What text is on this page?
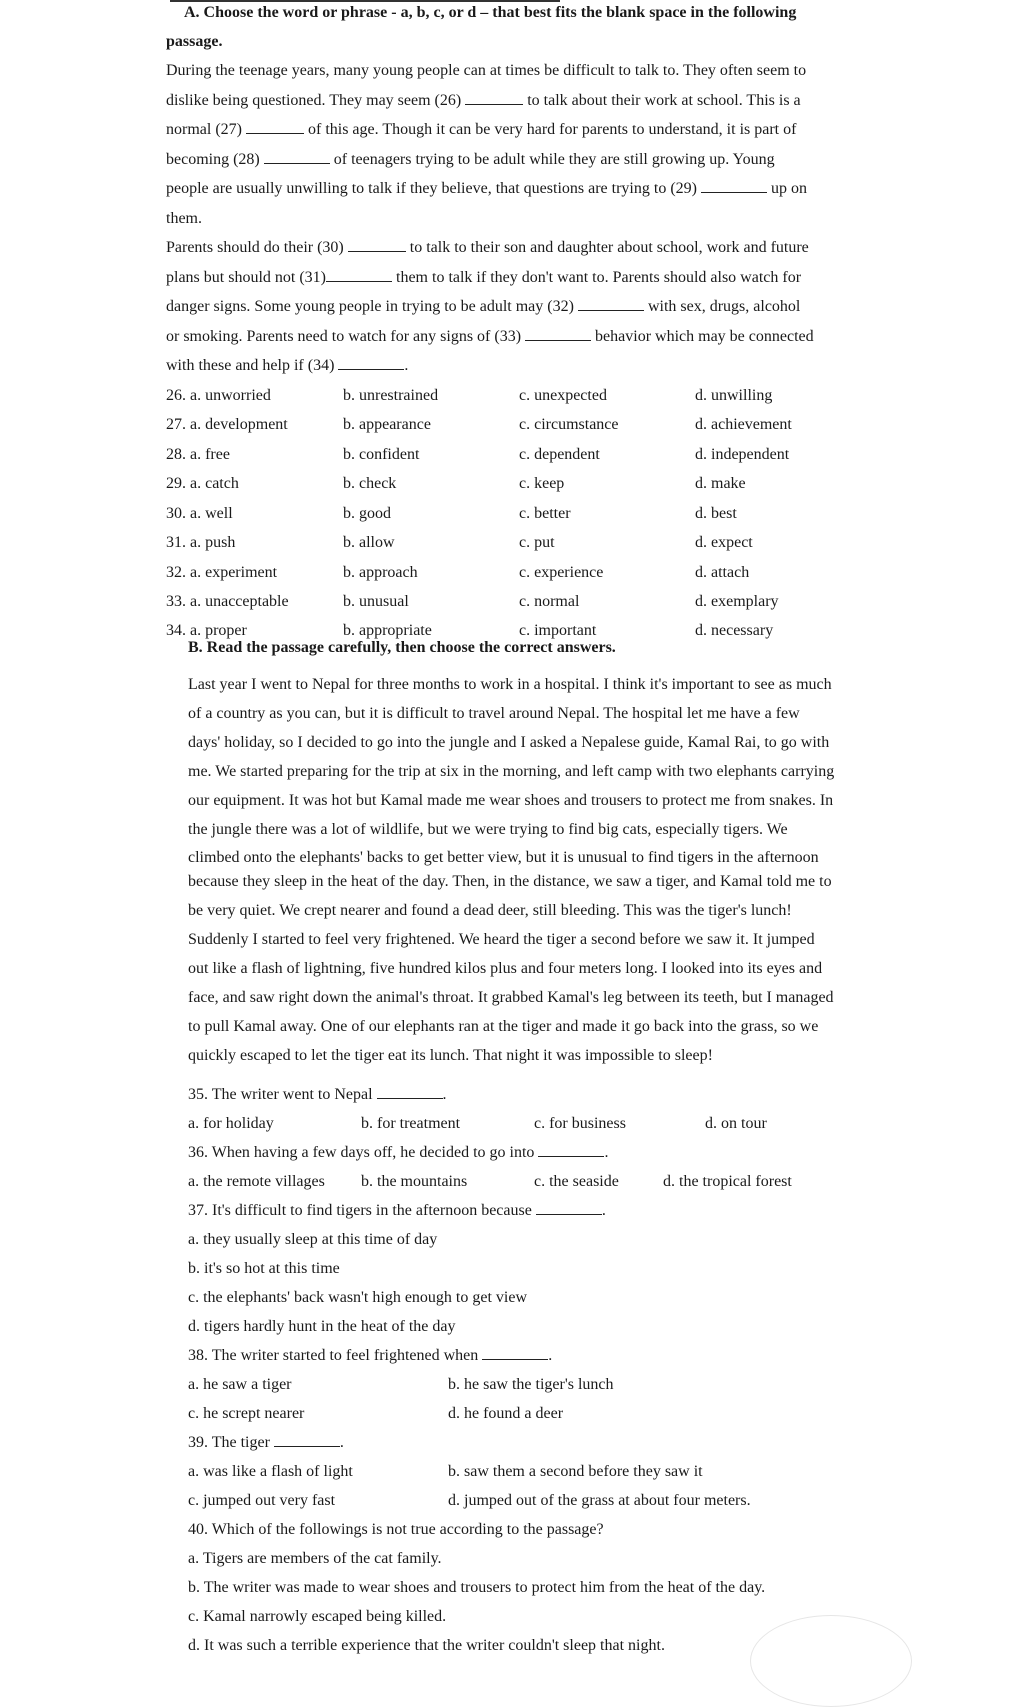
A. Choose the word or phrase - a, b, c, or d – that best fits the blank space in the following
passage.
During the teenage years, many young people can at times be difficult to talk to. They often seem to
dislike being questioned. They may seem (26)	to talk about their work at school. This is a
normal (27)	of this age. Though it can be very hard for parents to understand, it is part of
becoming (28)	of teenagers trying to be adult while they are still growing up. Young
people are usually unwilling to talk if they believe, that questions are trying to (29)	up on
them.
Parents should do their (30)	to talk to their son and daughter about school, work and future
plans but should not (31)	them to talk if they don't want to. Parents should also watch for
danger signs. Some young people in trying to be adult may (32)	with sex, drugs, alcohol
or smoking. Parents need to watch for any signs of (33)	behavior which may be connected
with these and help if (34)	.
26. a. unworried	b. unrestrained	c. unexpected	d. unwilling
27. a. development	b. appearance	c. circumstance	d. achievement
28. a. free	b. confident	c. dependent	d. independent
29. a. catch	b. check	c. keep	d. make
30. a. well	b. good	c. better	d. best
31. a. push	b. allow	c. put	d. expect
32. a. experiment	b. approach	c. experience	d. attach
33. a. unacceptable	b. unusual	c. normal	d. exemplary
34. a. proper	b. appropriate	c. important	d. necessary
B. Read the passage carefully, then choose the correct answers.
Last year I went to Nepal for three months to work in a hospital. I think it's important to see as much
of a country as you can, but it is difficult to travel around Nepal. The hospital let me have a few
days' holiday, so I decided to go into the jungle and I asked a Nepalese guide, Kamal Rai, to go with
me. We started preparing for the trip at six in the morning, and left camp with two elephants carrying
our equipment. It was hot but Kamal made me wear shoes and trousers to protect me from snakes. In
the jungle there was a lot of wildlife, but we were trying to find big cats, especially tigers. We
climbed onto the elephants' backs to get better view, but it is unusual to find tigers in the afternoon
because they sleep in the heat of the day. Then, in the distance, we saw a tiger, and Kamal told me to
be very quiet. We crept nearer and found a dead deer, still bleeding. This was the tiger's lunch!
Suddenly I started to feel very frightened. We heard the tiger a second before we saw it. It jumped
out like a flash of lightning, five hundred kilos plus and four meters long. I looked into its eyes and
face, and saw right down the animal's throat. It grabbed Kamal's leg between its teeth, but I managed
to pull Kamal away. One of our elephants ran at the tiger and made it go back into the grass, so we
quickly escaped to let the tiger eat its lunch. That night it was impossible to sleep!
35. The writer went to Nepal	.
a. for holiday	b. for treatment	c. for business	d. on tour
36. When having a few days off, he decided to go into	.
a. the remote villages b. the mountains	c. the seaside	d. the tropical forest
37. It's difficult to find tigers in the afternoon because	.
a. they usually sleep at this time of day
b. it's so hot at this time
c. the elephants' back wasn't high enough to get view
d. tigers hardly hunt in the heat of the day
38. The writer started to feel frightened when	.
a. he saw a tiger	b. he saw the tiger's lunch
c. he scrept nearer	d. he found a deer
39. The tiger	.
a. was like a flash of light	b. saw them a second before they saw it
c. jumped out very fast	d. jumped out of the grass at about four meters.
40. Which of the followings is not true according to the passage?
a. Tigers are members of the cat family.
b. The writer was made to wear shoes and trousers to protect him from the heat of the day.
c. Kamal narrowly escaped being killed.
d. It was such a terrible experience that the writer couldn't sleep that night.
